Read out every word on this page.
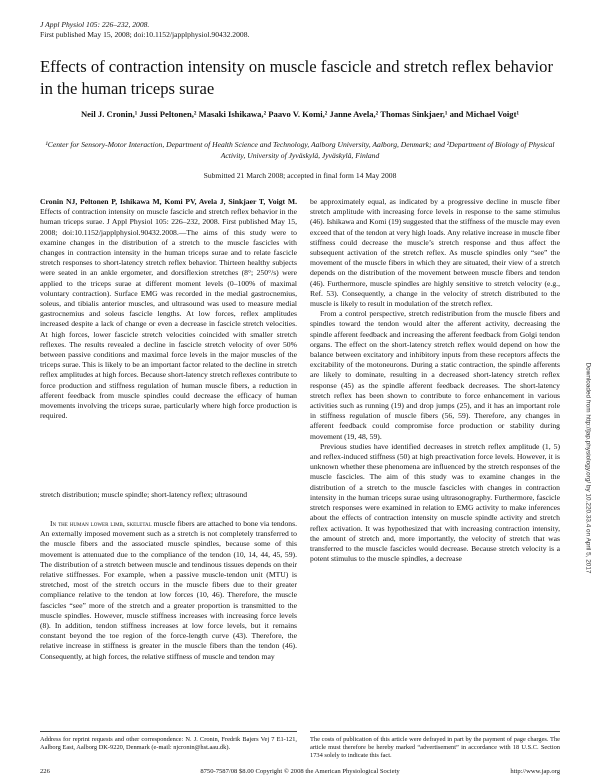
J Appl Physiol 105: 226–232, 2008.
First published May 15, 2008; doi:10.1152/japplphysiol.90432.2008.
Effects of contraction intensity on muscle fascicle and stretch reflex behavior in the human triceps surae
Neil J. Cronin,¹ Jussi Peltonen,² Masaki Ishikawa,² Paavo V. Komi,² Janne Avela,² Thomas Sinkjaer,¹ and Michael Voigt¹
¹Center for Sensory-Motor Interaction, Department of Health Science and Technology, Aalborg University, Aalborg, Denmark; and ²Department of Biology of Physical Activity, University of Jyväskylä, Jyväskylä, Finland
Submitted 21 March 2008; accepted in final form 14 May 2008

Cronin NJ, Peltonen P, Ishikawa M, Komi PV, Avela J, Sinkjaer T, Voigt M. Effects of contraction intensity on muscle fascicle and stretch reflex behavior in the human triceps surae. J Appl Physiol 105: 226–232, 2008. First published May 15, 2008; doi:10.1152/japplphysiol.90432.2008.—The aims of this study were to examine changes in the distribution of a stretch to the muscle fascicles with changes in contraction intensity in the human triceps surae and to relate fascicle stretch responses to short-latency stretch reflex behavior. Thirteen healthy subjects were seated in an ankle ergometer, and dorsiflexion stretches (8°; 250°/s) were applied to the triceps surae at different moment levels (0–100% of maximal voluntary contraction). Surface EMG was recorded in the medial gastrocnemius, soleus, and tibialis anterior muscles, and ultrasound was used to measure medial gastrocnemius and soleus fascicle lengths. At low forces, reflex amplitudes increased despite a lack of change or even a decrease in fascicle stretch velocities. At high forces, lower fascicle stretch velocities coincided with smaller stretch reflexes. The results revealed a decline in fascicle stretch velocity of over 50% between passive conditions and maximal force levels in the major muscles of the triceps surae. This is likely to be an important factor related to the decline in stretch reflex amplitudes at high forces. Because short-latency stretch reflexes contribute to force production and stiffness regulation of human muscle fibers, a reduction in afferent feedback from muscle spindles could decrease the efficacy of human movements involving the triceps surae, particularly where high force production is required.

stretch distribution; muscle spindle; short-latency reflex; ultrasound

In the human lower limb, skeletal muscle fibers are attached to bone via tendons. An externally imposed movement such as a stretch is not completely transferred to the muscle fibers and the associated muscle spindles, because some of this movement is attenuated due to the compliance of the tendon (10, 14, 44, 45, 59). The distribution of a stretch between muscle and tendinous tissues depends on their relative stiffnesses. For example, when a passive muscle-tendon unit (MTU) is stretched, most of the stretch occurs in the muscle fibers due to their greater compliance relative to the tendon at low forces (10, 46). Therefore, the muscle fascicles “see” more of the stretch and a greater proportion is transmitted to the muscle spindles. However, muscle stiffness increases with increasing force levels (8). In addition, tendon stiffness increases at low force levels, but it remains constant beyond the toe region of the force-length curve (43). Therefore, the relative increase in stiffness is greater in the muscle fibers than the tendon (46). Consequently, at high forces, the relative stiffness of muscle and tendon may

be approximately equal, as indicated by a progressive decline in muscle fiber stretch amplitude with increasing force levels in response to the same stimulus (46). Ishikawa and Komi (19) suggested that the stiffness of the muscle may even exceed that of the tendon at very high loads. Any relative increase in muscle fiber stiffness could decrease the muscle’s stretch response and thus affect the subsequent activation of the stretch reflex. As muscle spindles only “see” the movement of the muscle fibers in which they are situated, their view of a stretch depends on the distribution of the movement between muscle fibers and tendon (46). Furthermore, muscle spindles are highly sensitive to stretch velocity (e.g., Ref. 53). Consequently, a change in the velocity of stretch distributed to the muscle is likely to result in modulation of the stretch reflex.

From a control perspective, stretch redistribution from the muscle fibers and spindles toward the tendon would alter the afferent activity, decreasing the spindle afferent feedback and increasing the afferent feedback from Golgi tendon organs. The effect on the short-latency stretch reflex would depend on how the balance between excitatory and inhibitory inputs from these receptors affects the excitability of the motoneurons. During a static contraction, the spindle afferents are likely to dominate, resulting in a decreased short-latency stretch reflex response (45) as the spindle afferent feedback decreases. The short-latency stretch reflex has been shown to contribute to force enhancement in various activities such as running (19) and drop jumps (25), and it has an important role in stiffness regulation of muscle fibers (56, 59). Therefore, any changes in afferent feedback could compromise force production or stability during movement (19, 48, 59).

Previous studies have identified decreases in stretch reflex amplitude (1, 5) and reflex-induced stiffness (50) at high preactivation force levels. However, it is unknown whether these phenomena are influenced by the stretch responses of the muscle fascicles. The aim of this study was to examine changes in the distribution of a stretch to the muscle fascicles with changes in contraction intensity in the human triceps surae using ultrasonography. Furthermore, fascicle stretch responses were examined in relation to EMG activity to make inferences about the effects of contraction intensity on muscle spindle activity and stretch reflex activation. It was hypothesized that with increasing contraction intensity, the amount of stretch and, more importantly, the velocity of stretch that was transferred to the muscle fascicles would decrease. Because stretch velocity is a potent stimulus to the muscle spindles, a decrease

Address for reprint requests and other correspondence: N. J. Cronin, Fredrik Bajers Vej 7 E1-121, Aalborg East, Aalborg DK-9220, Denmark (e-mail: njcronin@hst.aau.dk).
The costs of publication of this article were defrayed in part by the payment of page charges. The article must therefore be hereby marked “advertisement” in accordance with 18 U.S.C. Section 1734 solely to indicate this fact.
226	8750-7587/08 $8.00 Copyright © 2008 the American Physiological Society	http://www.jap.org
Downloaded from http://jap.physiology.org/ by 10.220.33.4 on April 5, 2017
